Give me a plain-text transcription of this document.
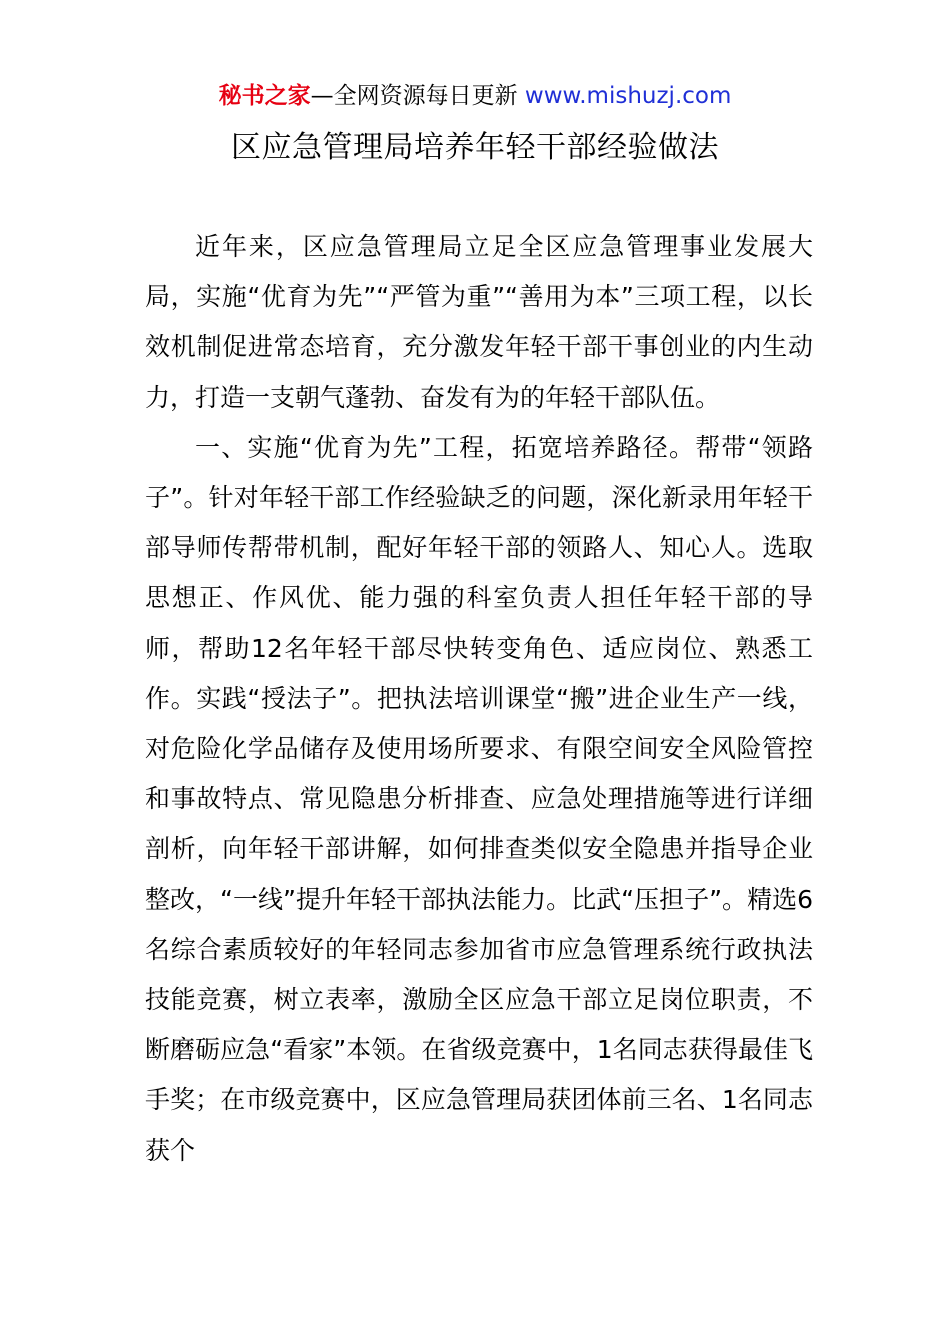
秘书之家—全网资源每日更新 www.mishuzj.com
区应急管理局培养年轻干部经验做法

近年来，区应急管理局立足全区应急管理事业发展大局，实施“优育为先”“严管为重”“善用为本”三项工程，以长效机制促进常态培育，充分激发年轻干部干事创业的内生动力，打造一支朝气蓬勃、奋发有为的年轻干部队伍。

一、实施“优育为先”工程，拓宽培养路径。帮带“领路子”。针对年轻干部工作经验缺乏的问题，深化新录用年轻干部导师传帮带机制，配好年轻干部的领路人、知心人。选取思想正、作风优、能力强的科室负责人担任年轻干部的导师，帮助12名年轻干部尽快转变角色、适应岗位、熟悉工作。实践“授法子”。把执法培训课堂“搬”进企业生产一线，对危险化学品储存及使用场所要求、有限空间安全风险管控和事故特点、常见隐患分析排查、应急处理措施等进行详细剖析，向年轻干部讲解，如何排查类似安全隐患并指导企业整改，“一线”提升年轻干部执法能力。比武“压担子”。精选6名综合素质较好的年轻同志参加省市应急管理系统行政执法技能竞赛，树立表率，激励全区应急干部立足岗位职责，不断磨砺应急“看家”本领。在省级竞赛中，1名同志获得最佳飞手奖；在市级竞赛中，区应急管理局获团体前三名、1名同志获个
